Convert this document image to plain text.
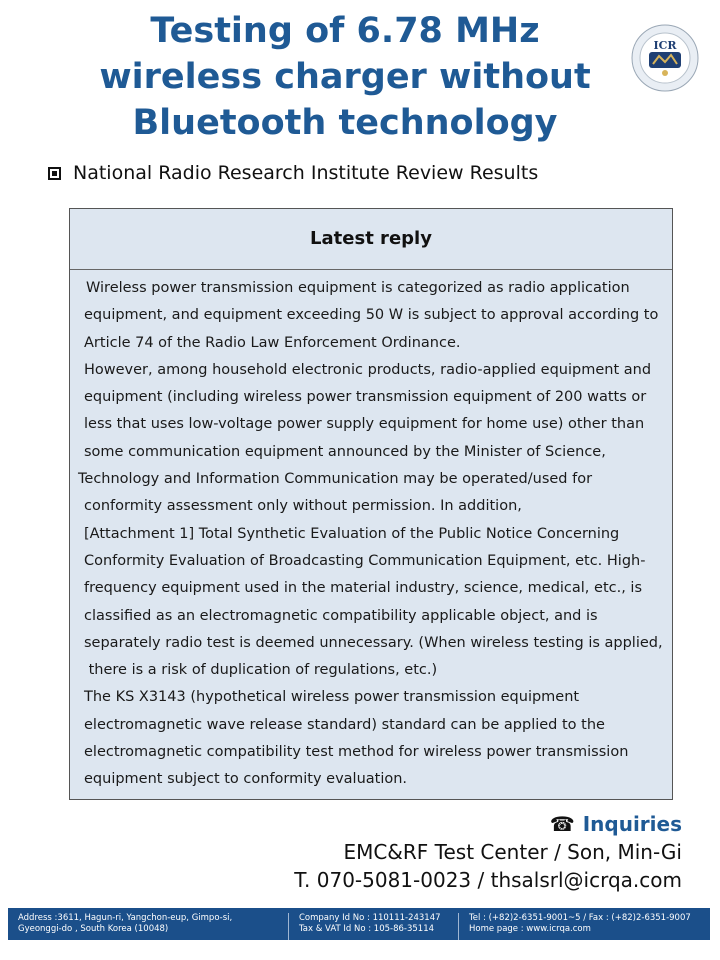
Testing of 6.78 MHz
wireless charger without
Bluetooth technology
ICR
National Radio Research Institute Review Results
Latest reply

Wireless power transmission equipment is categorized as radio application

equipment, and equipment exceeding 50 W is subject to approval according to

Article 74 of the Radio Law Enforcement Ordinance.

However, among household electronic products, radio-applied equipment and

equipment (including wireless power transmission equipment of 200 watts or

less that uses low-voltage power supply equipment for home use) other than

some communication equipment announced by the Minister of Science,

Technology and Information Communication may be operated/used for

conformity assessment only without permission. In addition,

[Attachment 1] Total Synthetic Evaluation of the Public Notice Concerning

Conformity Evaluation of Broadcasting Communication Equipment, etc. High-

frequency equipment used in the material industry, science, medical, etc., is

classified as an electromagnetic compatibility applicable object, and is

separately radio test is deemed unnecessary. (When wireless testing is applied,

there is a risk of duplication of regulations, etc.)

The KS X3143 (hypothetical wireless power transmission equipment

electromagnetic wave release standard) standard can be applied to the

electromagnetic compatibility test method for wireless power transmission

equipment subject to conformity evaluation.

☎ Inquiries
EMC&RF Test Center / Son, Min-Gi
T. 070-5081-0023 / thsalsrl@icrqa.com
Address :3611, Hagun-ri, Yangchon-eup, Gimpo-si,
Gyeonggi-do , South Korea (10048)
Company Id No : 110111-243147
Tax & VAT Id No : 105-86-35114
Tel : (+82)2-6351-9001~5 / Fax : (+82)2-6351-9007
Home page : www.icrqa.com
